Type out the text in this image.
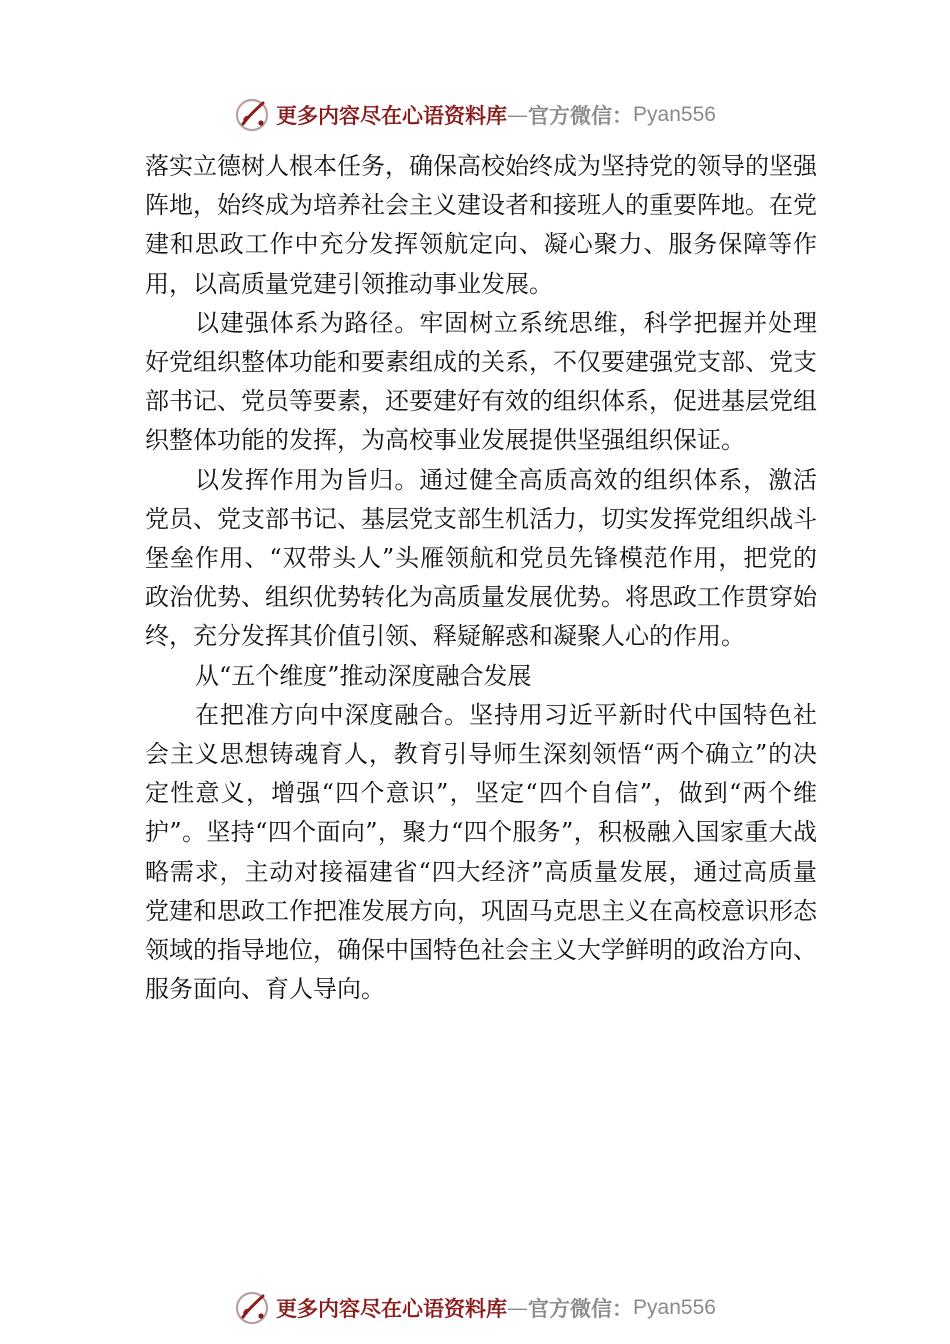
更多内容尽在心语资料库 — 官方微信： Pyan556

落实立德树人根本任务，确保高校始终成为坚持党的领导的坚强阵地，始终成为培养社会主义建设者和接班人的重要阵地。在党建和思政工作中充分发挥领航定向、凝心聚力、服务保障等作用，以高质量党建引领推动事业发展。

以建强体系为路径。牢固树立系统思维，科学把握并处理好党组织整体功能和要素组成的关系，不仅要建强党支部、党支部书记、党员等要素，还要建好有效的组织体系，促进基层党组织整体功能的发挥，为高校事业发展提供坚强组织保证。

以发挥作用为旨归。通过健全高质高效的组织体系，激活党员、党支部书记、基层党支部生机活力，切实发挥党组织战斗堡垒作用、“双带头人”头雁领航和党员先锋模范作用，把党的政治优势、组织优势转化为高质量发展优势。将思政工作贯穿始终，充分发挥其价值引领、释疑解惑和凝聚人心的作用。

从“五个维度”推动深度融合发展

在把准方向中深度融合。坚持用习近平新时代中国特色社会主义思想铸魂育人，教育引导师生深刻领悟“两个确立”的决定性意义，增强“四个意识”，坚定“四个自信”，做到“两个维护”。坚持“四个面向”，聚力“四个服务”，积极融入国家重大战略需求，主动对接福建省“四大经济”高质量发展，通过高质量党建和思政工作把准发展方向，巩固马克思主义在高校意识形态领域的指导地位，确保中国特色社会主义大学鲜明的政治方向、服务面向、育人导向。

更多内容尽在心语资料库 — 官方微信： Pyan556
